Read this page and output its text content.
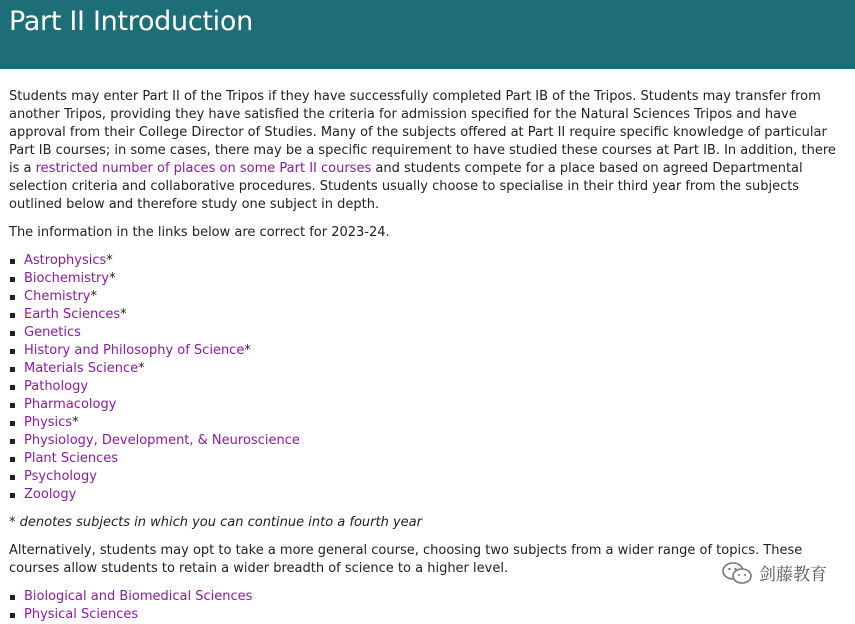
Part II Introduction

Students may enter Part II of the Tripos if they have successfully completed Part IB of the Tripos. Students may transfer from another Tripos, providing they have satisfied the criteria for admission specified for the Natural Sciences Tripos and have approval from their College Director of Studies. Many of the subjects offered at Part II require specific knowledge of particular Part IB courses; in some cases, there may be a specific requirement to have studied these courses at Part IB. In addition, there is a restricted number of places on some Part II courses and students compete for a place based on agreed Departmental selection criteria and collaborative procedures. Students usually choose to specialise in their third year from the subjects outlined below and therefore study one subject in depth.

The information in the links below are correct for 2023-24.

Astrophysics*
Biochemistry*
Chemistry*
Earth Sciences*
Genetics
History and Philosophy of Science*
Materials Science*
Pathology
Pharmacology
Physics*
Physiology, Development, & Neuroscience
Plant Sciences
Psychology
Zoology

* denotes subjects in which you can continue into a fourth year

Alternatively, students may opt to take a more general course, choosing two subjects from a wider range of topics. These courses allow students to retain a wider breadth of science to a higher level.

Biological and Biomedical Sciences
Physical Sciences
剑藤教育
